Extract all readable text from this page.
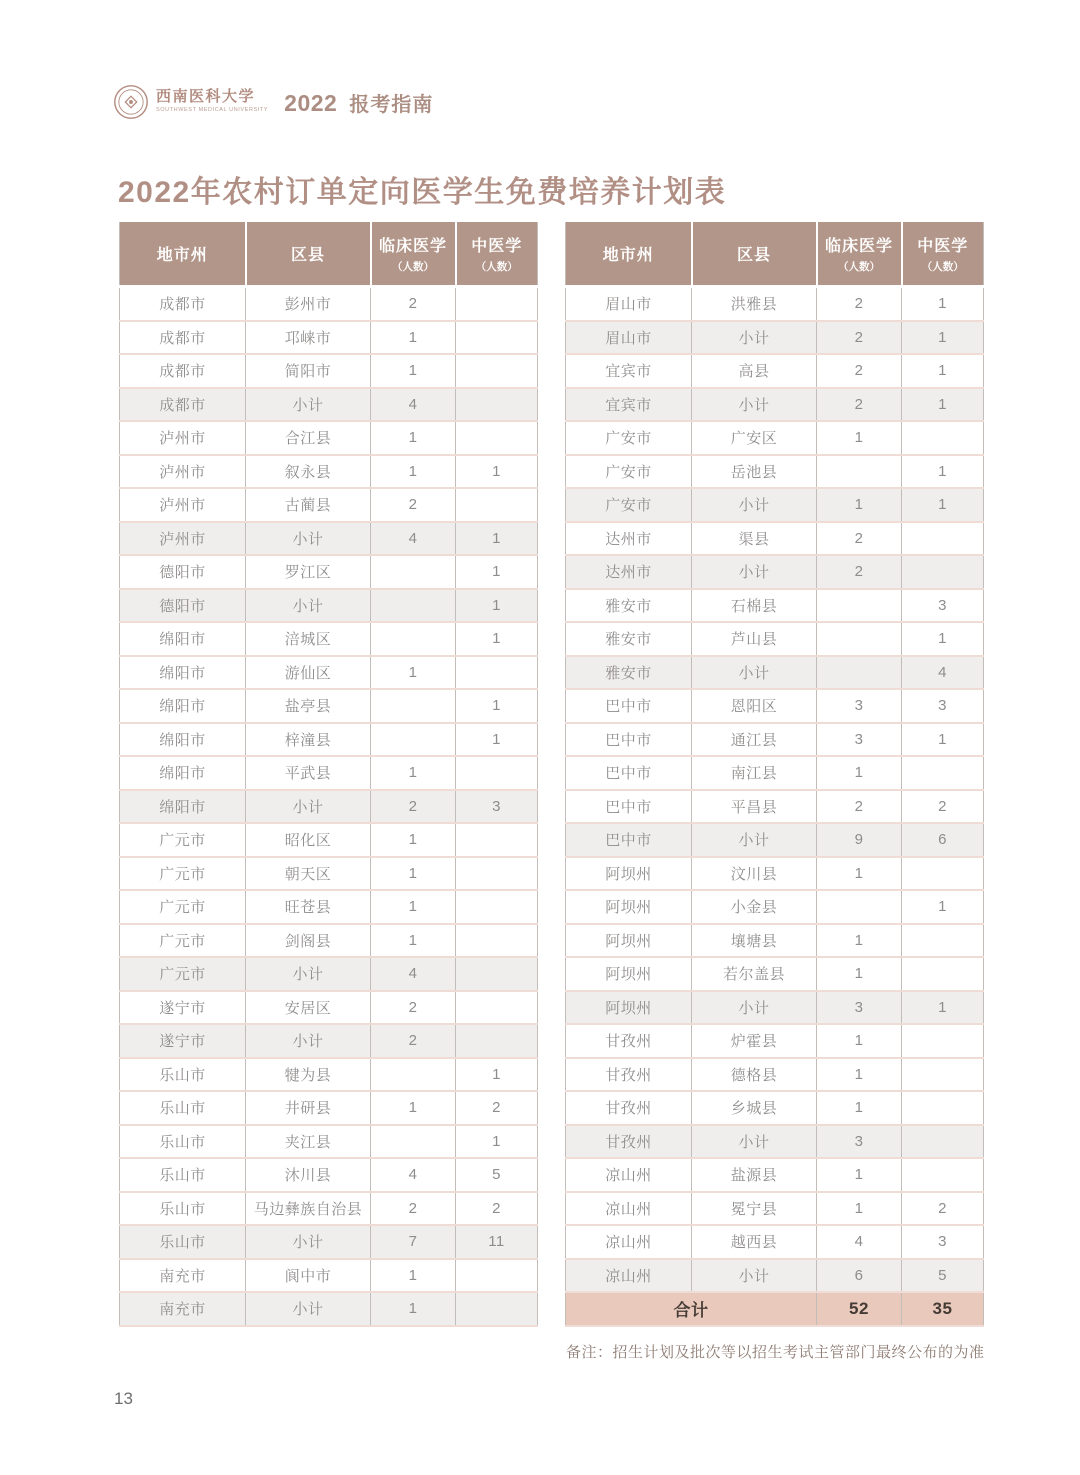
西南医科大学
SOUTHWEST MEDICAL UNIVERSITY 2022 报考指南
2022年农村订单定向医学生免费培养计划表
地市州	区县	
临床医学
（人数）

中医学
（人数）

成都市	彭州市	2	
成都市	邛崃市	1	
成都市	简阳市	1	
成都市	小计	4	
泸州市	合江县	1	
泸州市	叙永县	1	1
泸州市	古蔺县	2	
泸州市	小计	4	1
德阳市	罗江区		1
德阳市	小计		1
绵阳市	涪城区		1
绵阳市	游仙区	1	
绵阳市	盐亭县		1
绵阳市	梓潼县		1
绵阳市	平武县	1	
绵阳市	小计	2	3
广元市	昭化区	1	
广元市	朝天区	1	
广元市	旺苍县	1	
广元市	剑阁县	1	
广元市	小计	4	
遂宁市	安居区	2	
遂宁市	小计	2	
乐山市	犍为县		1
乐山市	井研县	1	2
乐山市	夹江县		1
乐山市	沐川县	4	5
乐山市	马边彝族自治县	2	2
乐山市	小计	7	11
南充市	阆中市	1	
南充市	小计	1	
地市州	区县	
临床医学
（人数）

中医学
（人数）

眉山市	洪雅县	2	1
眉山市	小计	2	1
宜宾市	高县	2	1
宜宾市	小计	2	1
广安市	广安区	1	
广安市	岳池县		1
广安市	小计	1	1
达州市	渠县	2	
达州市	小计	2	
雅安市	石棉县		3
雅安市	芦山县		1
雅安市	小计		4
巴中市	恩阳区	3	3
巴中市	通江县	3	1
巴中市	南江县	1	
巴中市	平昌县	2	2
巴中市	小计	9	6
阿坝州	汶川县	1	
阿坝州	小金县		1
阿坝州	壤塘县	1	
阿坝州	若尔盖县	1	
阿坝州	小计	3	1
甘孜州	炉霍县	1	
甘孜州	德格县	1	
甘孜州	乡城县	1	
甘孜州	小计	3	
凉山州	盐源县	1	
凉山州	冕宁县	1	2
凉山州	越西县	4	3
凉山州	小计	6	5
合计		52	35

备注：招生计划及批次等以招生考试主管部门最终公布的为准

13
